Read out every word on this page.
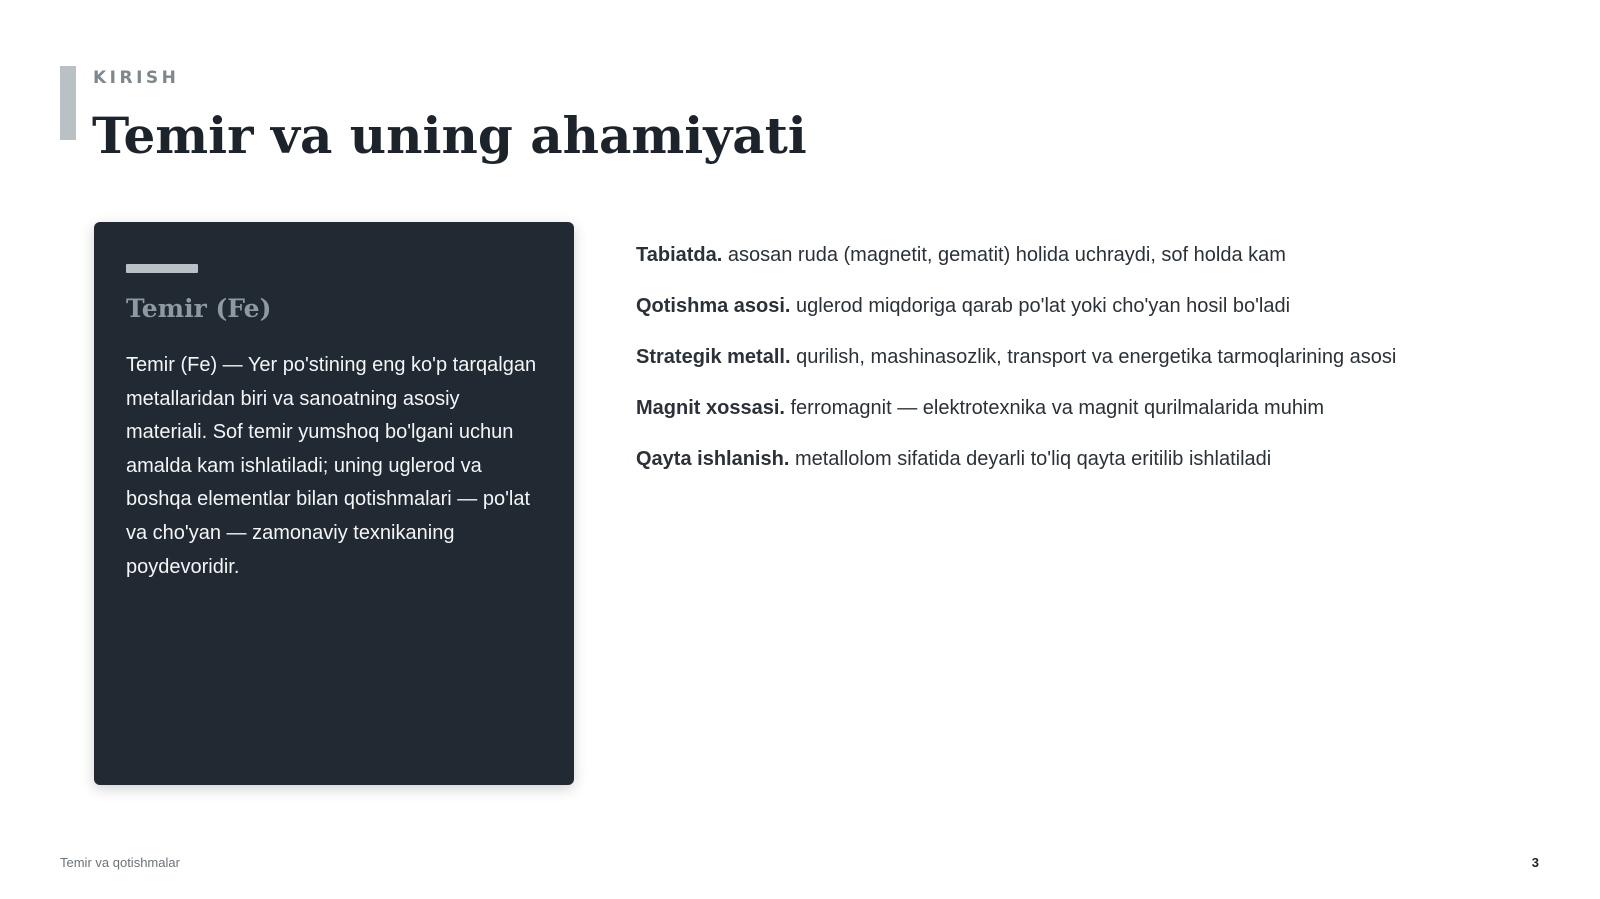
KIRISH
Temir va uning ahamiyati
Temir (Fe)
Temir (Fe) — Yer po'stining eng ko'p tarqalgan metallaridan biri va sanoatning asosiy materiali. Sof temir yumshoq bo'lgani uchun amalda kam ishlatiladi; uning uglerod va boshqa elementlar bilan qotishmalari — po'lat va cho'yan — zamonaviy texnikaning poydevoridir.
Tabiatda. asosan ruda (magnetit, gematit) holida uchraydi, sof holda kam
Qotishma asosi. uglerod miqdoriga qarab po'lat yoki cho'yan hosil bo'ladi
Strategik metall. qurilish, mashinasozlik, transport va energetika tarmoqlarining asosi
Magnit xossasi. ferromagnit — elektrotexnika va magnit qurilmalarida muhim
Qayta ishlanish. metallolom sifatida deyarli to'liq qayta eritilib ishlatiladi
Temir va qotishmalar	3
